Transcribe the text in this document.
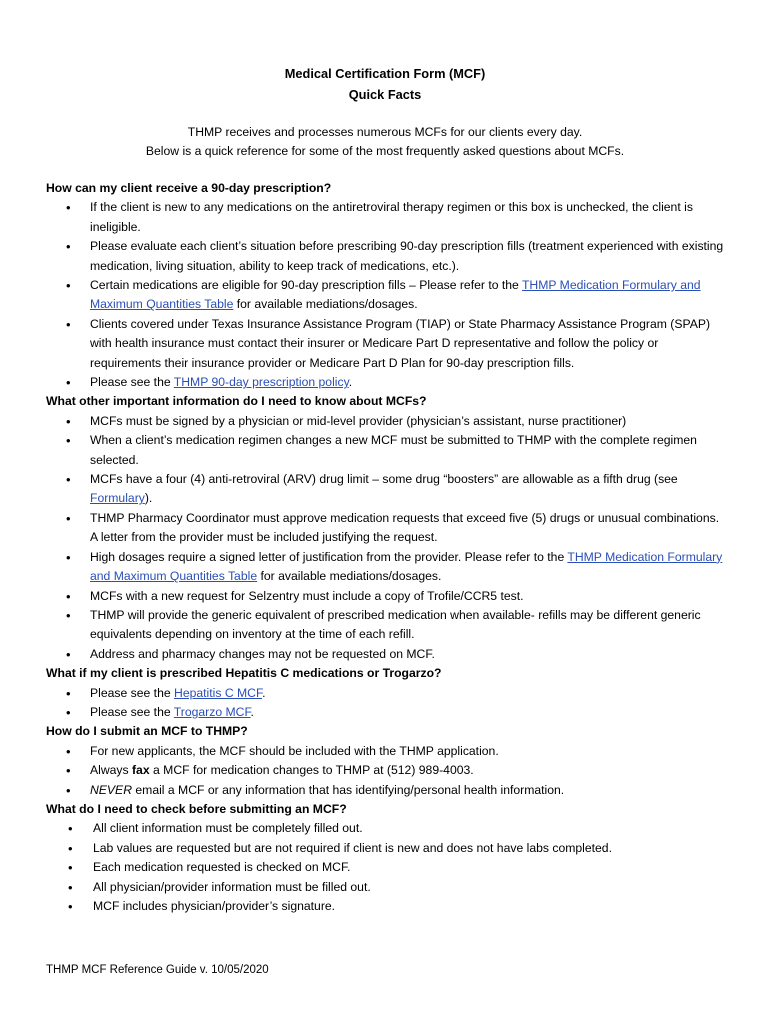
Medical Certification Form (MCF)
Quick Facts
THMP receives and processes numerous MCFs for our clients every day.
Below is a quick reference for some of the most frequently asked questions about MCFs.
How can my client receive a 90-day prescription?
• If the client is new to any medications on the antiretroviral therapy regimen or this box is unchecked, the client is ineligible.
• Please evaluate each client’s situation before prescribing 90-day prescription fills (treatment experienced with existing medication, living situation, ability to keep track of medications, etc.).
• Certain medications are eligible for 90-day prescription fills – Please refer to the THMP Medication Formulary and Maximum Quantities Table for available mediations/dosages.
• Clients covered under Texas Insurance Assistance Program (TIAP) or State Pharmacy Assistance Program (SPAP) with health insurance must contact their insurer or Medicare Part D representative and follow the policy or requirements their insurance provider or Medicare Part D Plan for 90-day prescription fills.
• Please see the THMP 90-day prescription policy.
What other important information do I need to know about MCFs?
• MCFs must be signed by a physician or mid-level provider (physician’s assistant, nurse practitioner)
• When a client’s medication regimen changes a new MCF must be submitted to THMP with the complete regimen selected.
• MCFs have a four (4) anti-retroviral (ARV) drug limit – some drug “boosters” are allowable as a fifth drug (see Formulary).
• THMP Pharmacy Coordinator must approve medication requests that exceed five (5) drugs or unusual combinations. A letter from the provider must be included justifying the request.
• High dosages require a signed letter of justification from the provider. Please refer to the THMP Medication Formulary and Maximum Quantities Table for available mediations/dosages.
• MCFs with a new request for Selzentry must include a copy of Trofile/CCR5 test.
• THMP will provide the generic equivalent of prescribed medication when available- refills may be different generic equivalents depending on inventory at the time of each refill.
• Address and pharmacy changes may not be requested on MCF.
What if my client is prescribed Hepatitis C medications or Trogarzo?
• Please see the Hepatitis C MCF.
• Please see the Trogarzo MCF.
How do I submit an MCF to THMP?
• For new applicants, the MCF should be included with the THMP application.
• Always fax a MCF for medication changes to THMP at (512) 989-4003.
• NEVER email a MCF or any information that has identifying/personal health information.
What do I need to check before submitting an MCF?
• All client information must be completely filled out.
• Lab values are requested but are not required if client is new and does not have labs completed.
• Each medication requested is checked on MCF.
• All physician/provider information must be filled out.
• MCF includes physician/provider’s signature.
THMP MCF Reference Guide v. 10/05/2020
